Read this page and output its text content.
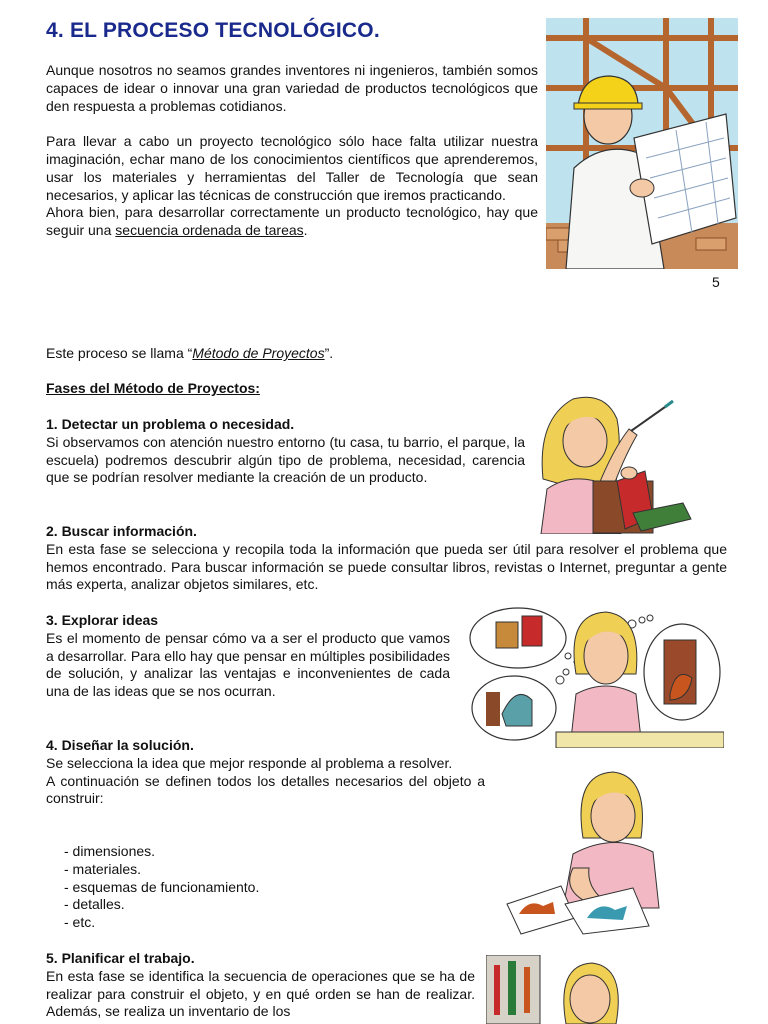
4. EL PROCESO TECNOLÓGICO.

Aunque nosotros no seamos grandes inventores ni ingenieros, también somos capaces de idear o innovar una gran variedad de productos tecnológicos que den respuesta a problemas cotidianos.

Para llevar a cabo un proyecto tecnológico sólo hace falta utilizar nuestra imaginación, echar mano de los conocimientos científicos que aprenderemos, usar los materiales y herramientas del Taller de Tecnología que sean necesarios, y aplicar las técnicas de construcción que iremos practicando.

Ahora bien, para desarrollar correctamente un producto tecnológico, hay que seguir una secuencia ordenada de tareas.

5
Este proceso se llama “Método de Proyectos”.
Fases del Método de Proyectos:

1. Detectar un problema o necesidad.

Si observamos con atención nuestro entorno (tu casa, tu barrio, el parque, la escuela) podremos descubrir algún tipo de problema, necesidad, carencia que se podrían resolver mediante la creación de un producto.

2. Buscar información.

En esta fase se selecciona y recopila toda la información que pueda ser útil para resolver el problema que hemos encontrado. Para buscar información se puede consultar libros, revistas o Internet, preguntar a gente más experta, analizar objetos similares, etc.

3. Explorar ideas

Es el momento de pensar cómo va a ser el producto que vamos a desarrollar. Para ello hay que pensar en múltiples posibilidades de solución, y analizar las ventajas e inconvenientes de cada una de las ideas que se nos ocurran.

4. Diseñar la solución.

Se selecciona la idea que mejor responde al problema a resolver.

A continuación se definen todos los detalles necesarios del objeto a construir:

- dimensiones.
- materiales.
- esquemas de funcionamiento.
- detalles.
- etc.

5. Planificar el trabajo.

En esta fase se identifica la secuencia de operaciones que se ha de realizar para construir el objeto, y en qué orden se han de realizar. Además, se realiza un inventario de los
